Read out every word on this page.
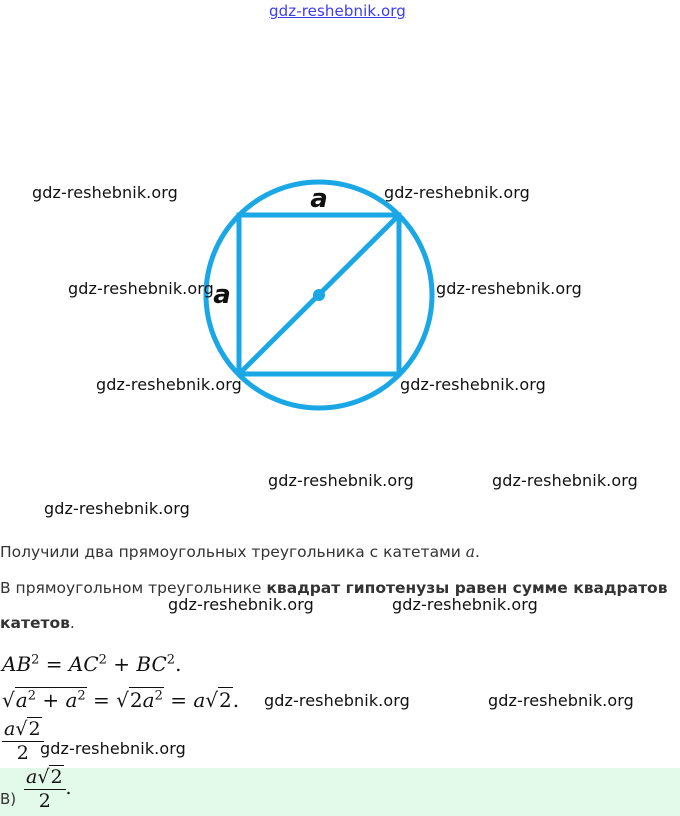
gdz-reshebnik.org
a
a
gdz-reshebnik.org	gdz-reshebnik.org
gdz-reshebnik.org	gdz-reshebnik.org
gdz-reshebnik.org	gdz-reshebnik.org
gdz-reshebnik.org	gdz-reshebnik.org
gdz-reshebnik.org
Получили два прямоугольных треугольника с катетами a.
В прямоугольном треугольнике квадрат гипотенузы равен сумме квадратов
катетов.
gdz-reshebnik.org	gdz-reshebnik.org
$AB^2 = AC^2 + BC^2$.
$√a^2 + a^2 = √2a^2 = a√2$. gdz-reshebnik.org	gdz-reshebnik.org
$\frac{a√2}{2}$
gdz-reshebnik.org
$В) \frac{a√2}{2}$ .
